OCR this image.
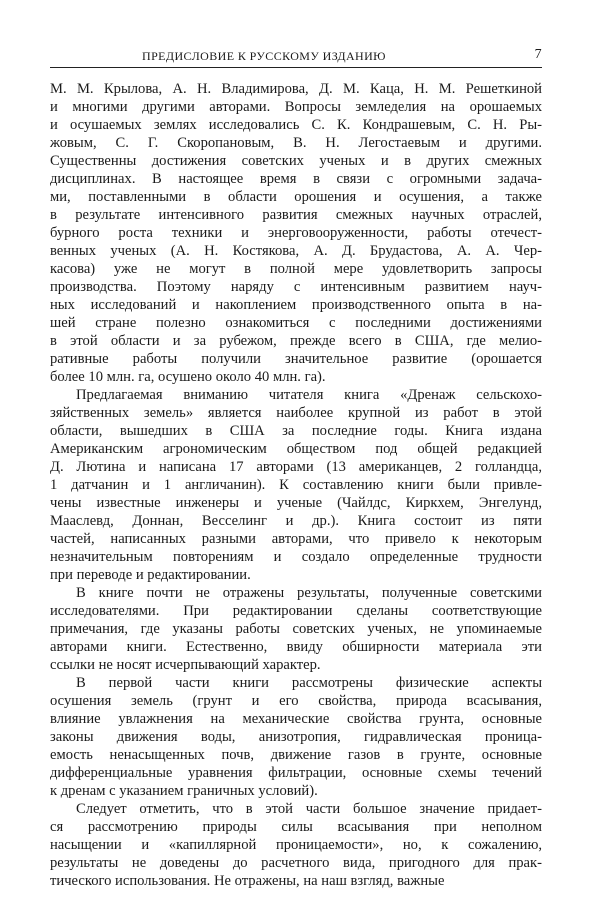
ПРЕДИСЛОВИЕ К РУССКОМУ ИЗДАНИЮ	7
М. М. Крылова, А. Н. Владимирова, Д. М. Каца, Н. М. Решеткиной
и многими другими авторами. Вопросы земледелия на орошаемых
и осушаемых землях исследовались С. К. Кондрашевым, С. Н. Ры-
жовым, С. Г. Скоропановым, В. Н. Легостаевым и другими.
Существенны достижения советских ученых и в других смежных
дисциплинах. В настоящее время в связи с огромными задача-
ми, поставленными в области орошения и осушения, а также
в результате интенсивного развития смежных научных отраслей,
бурного роста техники и энерговооруженности, работы отечест-
венных ученых (А. Н. Костякова, А. Д. Брудастова, А. А. Чер-
касова) уже не могут в полной мере удовлетворить запросы
производства. Поэтому наряду с интенсивным развитием науч-
ных исследований и накоплением производственного опыта в на-
шей стране полезно ознакомиться с последними достижениями
в этой области и за рубежом, прежде всего в США, где мелио-
ративные работы получили значительное развитие (орошается
более 10 млн. га, осушено около 40 млн. га).
Предлагаемая вниманию читателя книга «Дренаж сельскохо-
зяйственных земель» является наиболее крупной из работ в этой
области, вышедших в США за последние годы. Книга издана
Американским агрономическим обществом под общей редакцией
Д. Лютина и написана 17 авторами (13 американцев, 2 голландца,
1 датчанин и 1 англичанин). К составлению книги были привле-
чены известные инженеры и ученые (Чайлдс, Киркхем, Энгелунд,
Мааслевд, Доннан, Весселинг и др.). Книга состоит из пяти
частей, написанных разными авторами, что привело к некоторым
незначительным повторениям и создало определенные трудности
при переводе и редактировании.
В книге почти не отражены результаты, полученные советскими
исследователями. При редактировании сделаны соответствующие
примечания, где указаны работы советских ученых, не упоминаемые
авторами книги. Естественно, ввиду обширности материала эти
ссылки не носят исчерпывающий характер.
В первой части книги рассмотрены физические аспекты
осушения земель (грунт и его свойства, природа всасывания,
влияние увлажнения на механические свойства грунта, основные
законы движения воды, анизотропия, гидравлическая проница-
емость ненасыщенных почв, движение газов в грунте, основные
дифференциальные уравнения фильтрации, основные схемы течений
к дренам с указанием граничных условий).
Следует отметить, что в этой части большое значение придает-
ся рассмотрению природы силы всасывания при неполном
насыщении и «капиллярной проницаемости», но, к сожалению,
результаты не доведены до расчетного вида, пригодного для прак-
тического использования. Не отражены, на наш взгляд, важные
